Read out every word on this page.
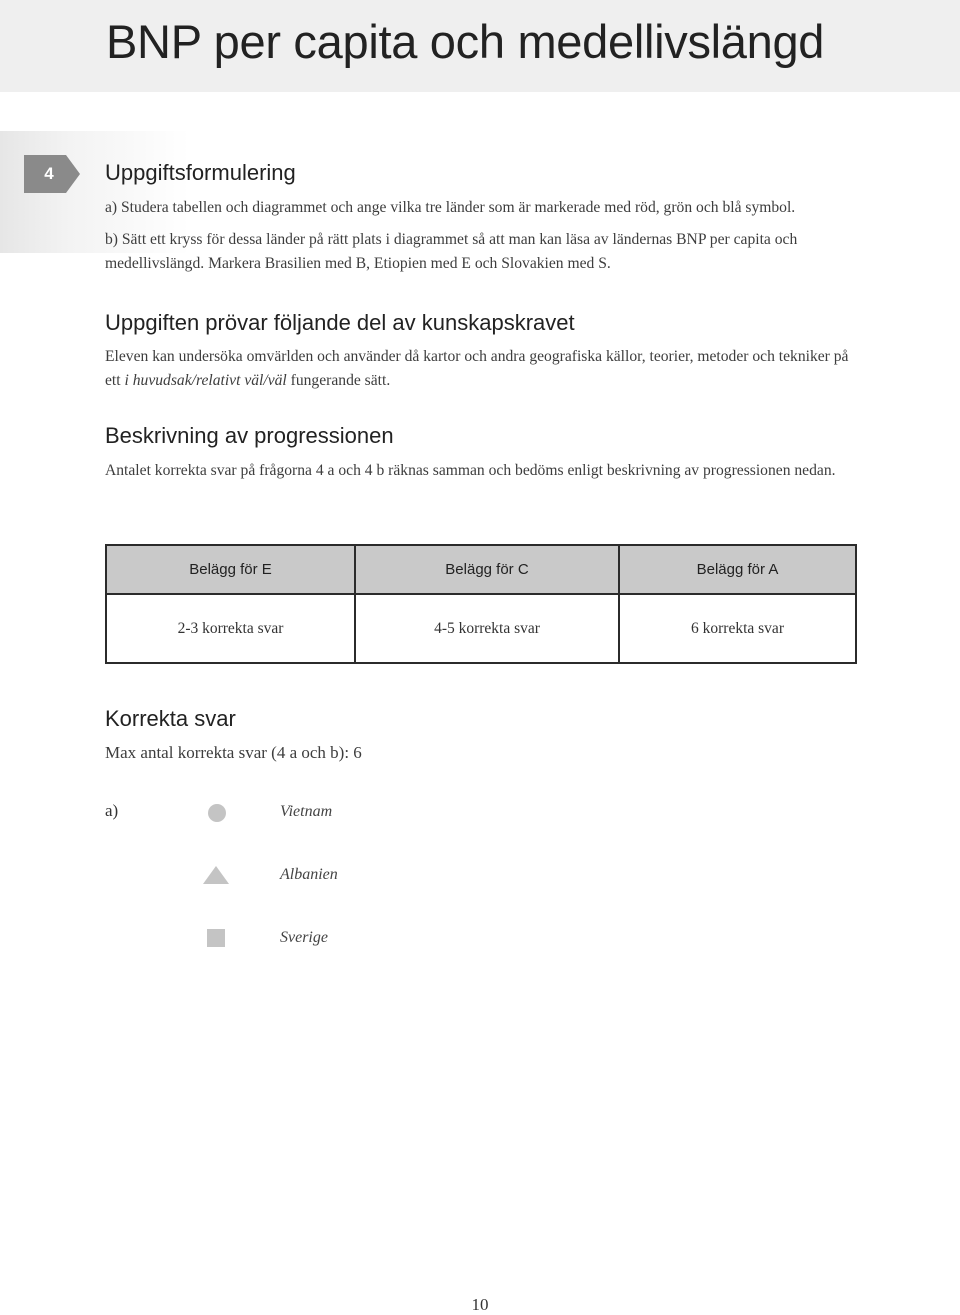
BNP per capita och medellivslängd
4	Uppgiftsformulering

a) Studera tabellen och diagrammet och ange vilka tre länder som är markerade med röd, grön och blå symbol.

b) Sätt ett kryss för dessa länder på rätt plats i diagrammet så att man kan läsa av ländernas BNP per capita och medellivslängd. Markera Brasilien med B, Etiopien med E och Slovakien med S.

Uppgiften prövar följande del av kunskapskravet

Eleven kan undersöka omvärlden och använder då kartor och andra geografiska källor, teorier, metoder och tekniker på ett i huvudsak/relativt väl/väl fungerande sätt.

Beskrivning av progressionen

Antalet korrekta svar på frågorna 4 a och 4 b räknas samman och bedöms enligt beskrivning av progressionen nedan.

Belägg för E	Belägg för C	Belägg för A
2-3 korrekta svar	4-5 korrekta svar	6 korrekta svar
Korrekta svar

Max antal korrekta svar (4 a och b): 6

a)	Vietnam
Albanien
Sverige
10
